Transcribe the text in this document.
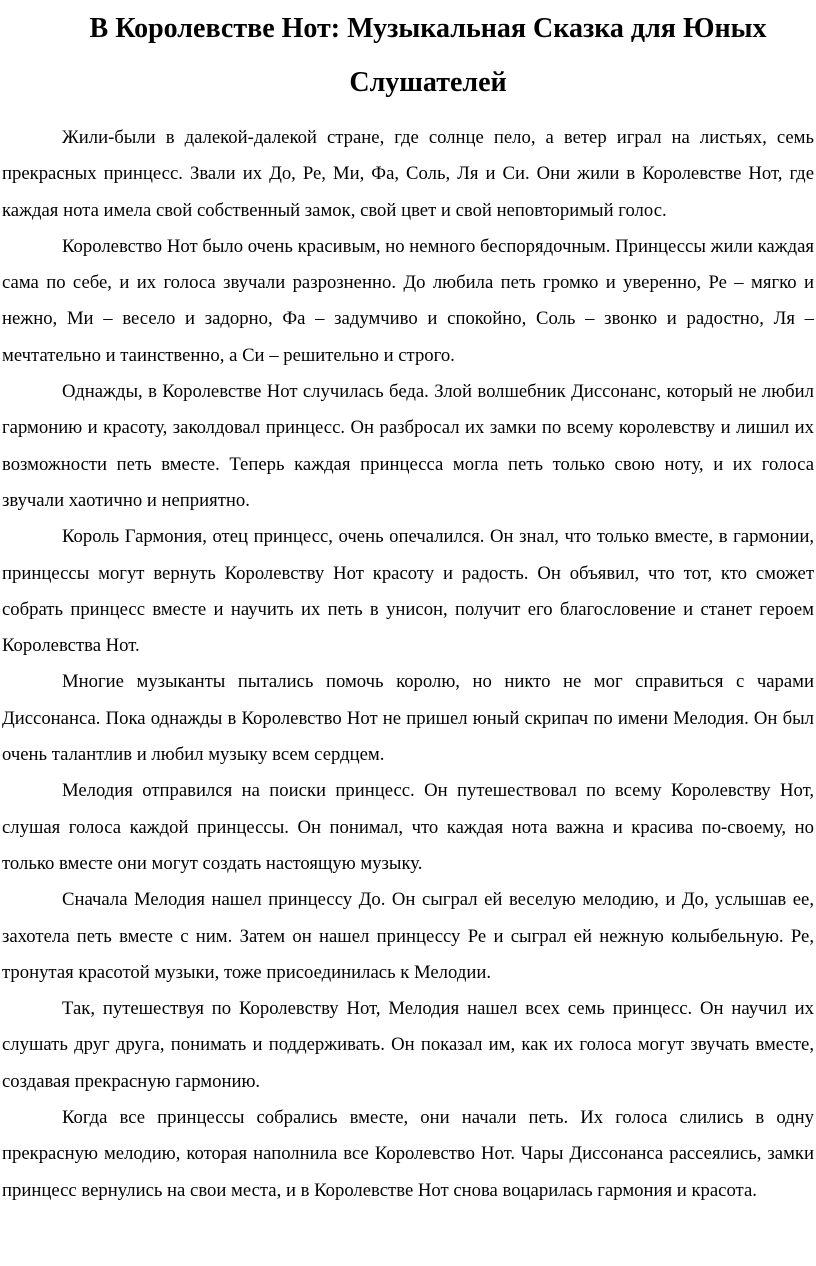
В Королевстве Нот: Музыкальная Сказка для Юных Слушателей

Жили-были в далекой-далекой стране, где солнце пело, а ветер играл на листьях, семь прекрасных принцесс. Звали их До, Ре, Ми, Фа, Соль, Ля и Си. Они жили в Королевстве Нот, где каждая нота имела свой собственный замок, свой цвет и свой неповторимый голос.

Королевство Нот было очень красивым, но немного беспорядочным. Принцессы жили каждая сама по себе, и их голоса звучали разрозненно. До любила петь громко и уверенно, Ре – мягко и нежно, Ми – весело и задорно, Фа – задумчиво и спокойно, Соль – звонко и радостно, Ля – мечтательно и таинственно, а Си – решительно и строго.

Однажды, в Королевстве Нот случилась беда. Злой волшебник Диссонанс, который не любил гармонию и красоту, заколдовал принцесс. Он разбросал их замки по всему королевству и лишил их возможности петь вместе. Теперь каждая принцесса могла петь только свою ноту, и их голоса звучали хаотично и неприятно.

Король Гармония, отец принцесс, очень опечалился. Он знал, что только вместе, в гармонии, принцессы могут вернуть Королевству Нот красоту и радость. Он объявил, что тот, кто сможет собрать принцесс вместе и научить их петь в унисон, получит его благословение и станет героем Королевства Нот.

Многие музыканты пытались помочь королю, но никто не мог справиться с чарами Диссонанса. Пока однажды в Королевство Нот не пришел юный скрипач по имени Мелодия. Он был очень талантлив и любил музыку всем сердцем.

Мелодия отправился на поиски принцесс. Он путешествовал по всему Королевству Нот, слушая голоса каждой принцессы. Он понимал, что каждая нота важна и красива по-своему, но только вместе они могут создать настоящую музыку.

Сначала Мелодия нашел принцессу До. Он сыграл ей веселую мелодию, и До, услышав ее, захотела петь вместе с ним. Затем он нашел принцессу Ре и сыграл ей нежную колыбельную. Ре, тронутая красотой музыки, тоже присоединилась к Мелодии.

Так, путешествуя по Королевству Нот, Мелодия нашел всех семь принцесс. Он научил их слушать друг друга, понимать и поддерживать. Он показал им, как их голоса могут звучать вместе, создавая прекрасную гармонию.

Когда все принцессы собрались вместе, они начали петь. Их голоса слились в одну прекрасную мелодию, которая наполнила все Королевство Нот. Чары Диссонанса рассеялись, замки принцесс вернулись на свои места, и в Королевстве Нот снова воцарилась гармония и красота.
